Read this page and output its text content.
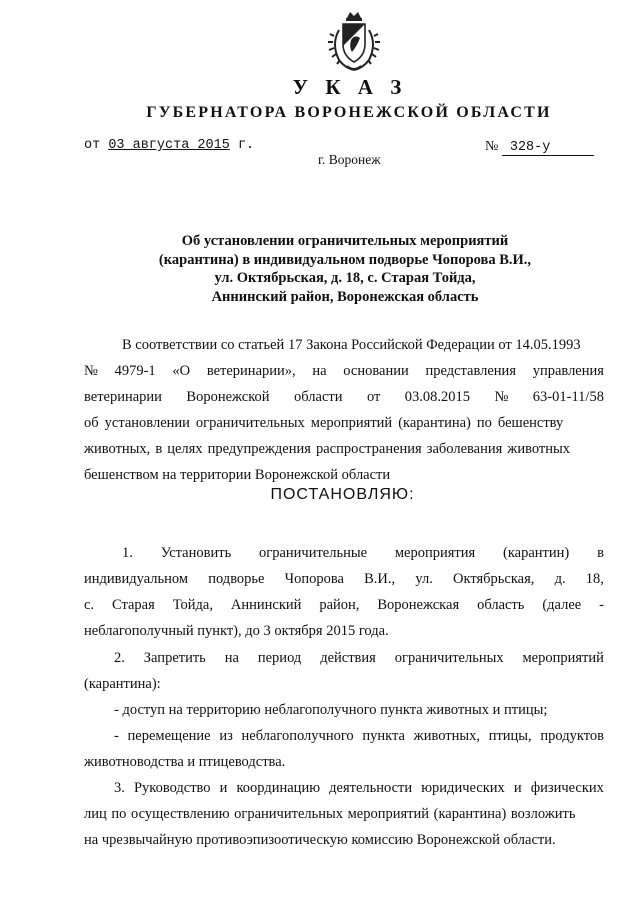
У К А З
ГУБЕРНАТОРА ВОРОНЕЖСКОЙ ОБЛАСТИ
от 03 августа 2015 г.	№ 328-у
г. Воронеж
Об установлении ограничительных мероприятий
(карантина) в индивидуальном подворье Чопорова В.И.,
ул. Октябрьская, д. 18, с. Старая Тойда,
Аннинский район, Воронежская область
В соответствии со статьей 17 Закона Российской Федерации от 14.05.1993
№ 4979-1 «О ветеринарии», на основании представления управления
ветеринарии Воронежской области от 03.08.2015 № 63-01-11/58
об установлении ограничительных мероприятий (карантина) по бешенству
животных, в целях предупреждения распространения заболевания животных
бешенством на территории Воронежской области
ПОСТАНОВЛЯЮ:
1. Установить ограничительные мероприятия (карантин) в
индивидуальном подворье Чопорова В.И., ул. Октябрьская, д. 18,
с. Старая Тойда, Аннинский район, Воронежская область (далее -
неблагополучный пункт), до 3 октября 2015 года.
2. Запретить на период действия ограничительных мероприятий
(карантина):
- доступ на территорию неблагополучного пункта животных и птицы;
- перемещение из неблагополучного пункта животных, птицы, продуктов
животноводства и птицеводства.
3. Руководство и координацию деятельности юридических и физических
лиц по осуществлению ограничительных мероприятий (карантина) возложить
на чрезвычайную противоэпизоотическую комиссию Воронежской области.
